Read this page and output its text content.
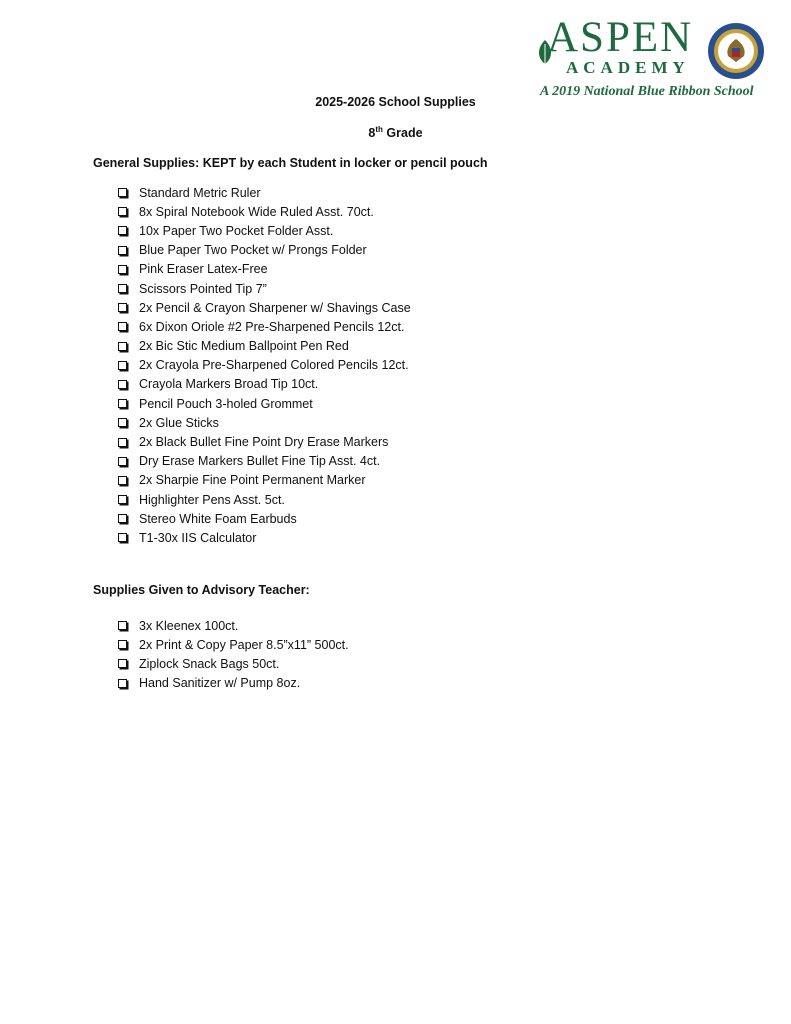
ASPEN
ACADEMY
A 2019 National Blue Ribbon School
2025-2026 School Supplies
8th Grade
General Supplies: KEPT by each Student in locker or pencil pouch
Standard Metric Ruler
8x Spiral Notebook Wide Ruled Asst. 70ct.
10x Paper Two Pocket Folder Asst.
Blue Paper Two Pocket w/ Prongs Folder
Pink Eraser Latex-Free
Scissors Pointed Tip 7”
2x Pencil & Crayon Sharpener w/ Shavings Case
6x Dixon Oriole #2 Pre-Sharpened Pencils 12ct.
2x Bic Stic Medium Ballpoint Pen Red
2x Crayola Pre-Sharpened Colored Pencils 12ct.
Crayola Markers Broad Tip 10ct.
Pencil Pouch 3-holed Grommet
2x Glue Sticks
2x Black Bullet Fine Point Dry Erase Markers
Dry Erase Markers Bullet Fine Tip Asst. 4ct.
2x Sharpie Fine Point Permanent Marker
Highlighter Pens Asst. 5ct.
Stereo White Foam Earbuds
T1-30x IIS Calculator
Supplies Given to Advisory Teacher:
3x Kleenex 100ct.
2x Print & Copy Paper 8.5”x11” 500ct.
Ziplock Snack Bags 50ct.
Hand Sanitizer w/ Pump 8oz.
